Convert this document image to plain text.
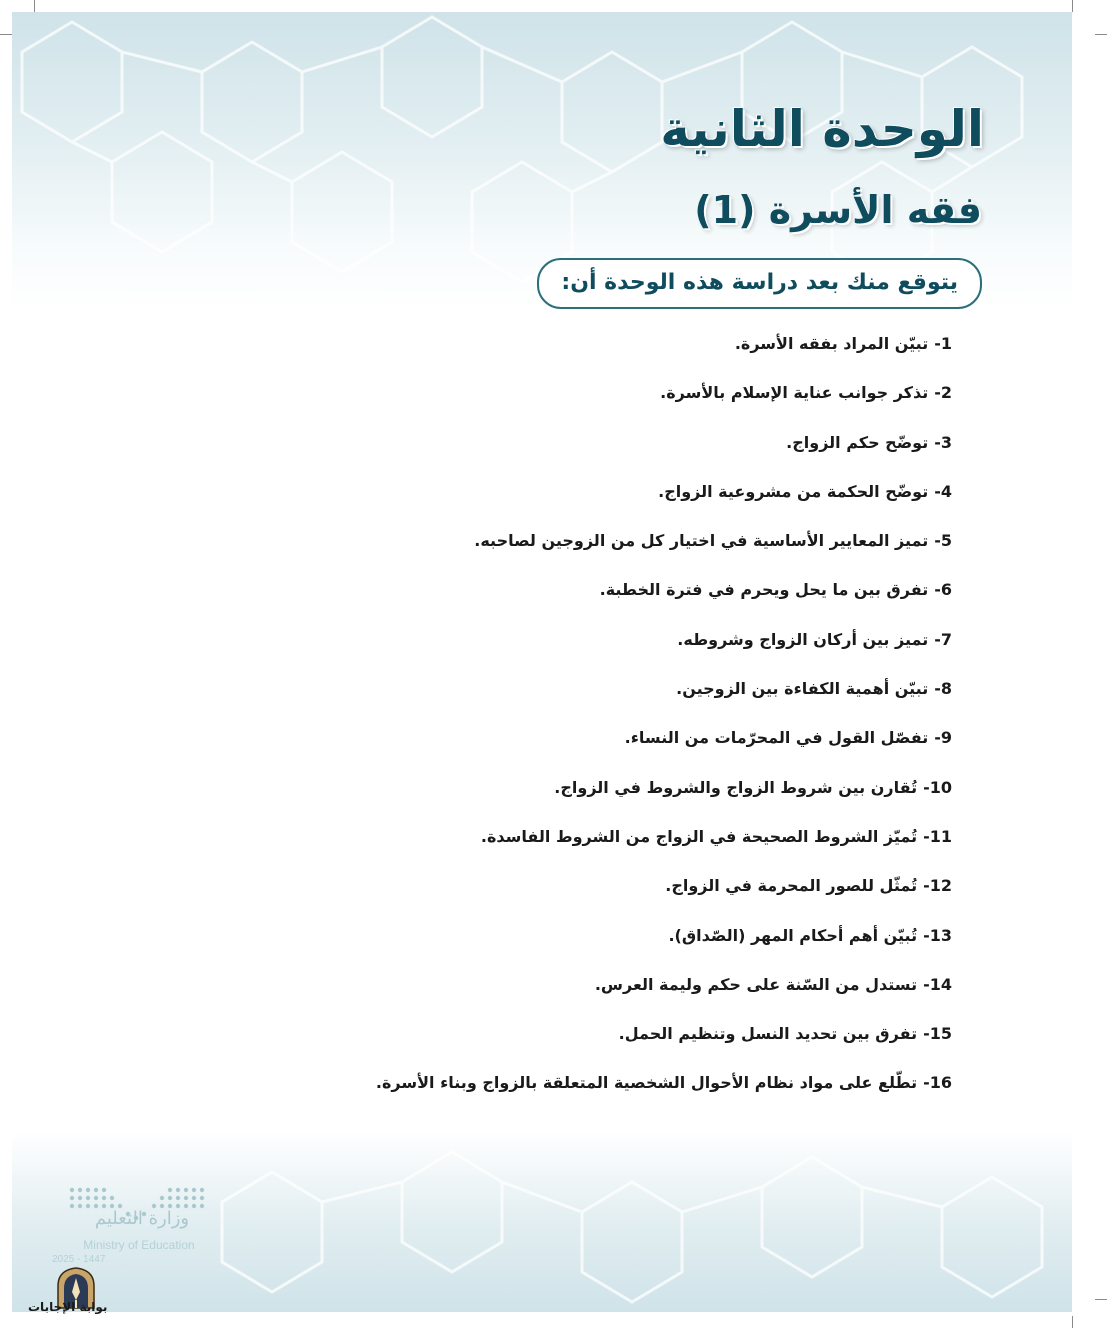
الوحدة الثانية
فقه الأسرة (1)
يتوقع منك بعد دراسة هذه الوحدة أن:
1-
تبيّن المراد بفقه الأسرة.
2-
تذكر جوانب عناية الإسلام بالأسرة.
3-
توضّح حكم الزواج.
4-
توضّح الحكمة من مشروعية الزواج.
5-
تميز المعايير الأساسية في اختيار كل من الزوجين لصاحبه.
6-
تفرق بين ما يحل ويحرم في فترة الخطبة.
7-
تميز بين أركان الزواج وشروطه.
8-
تبيّن أهمية الكفاءة بين الزوجين.
9-
تفصّل القول في المحرّمات من النساء.
10-
تُقارن بين شروط الزواج والشروط في الزواج.
11-
تُميّز الشروط الصحيحة في الزواج من الشروط الفاسدة.
12-
تُمثّل للصور المحرمة في الزواج.
13-
تُبيّن أهم أحكام المهر (الصّداق).
14-
تستدل من السّنة على حكم وليمة العرس.
15-
تفرق بين تحديد النسل وتنظيم الحمل.
16-
تطّلع على مواد نظام الأحوال الشخصية المتعلقة بالزواج وبناء الأسرة.
وزارة التعليم
Ministry of Education
2025 - 1447
بوابة الإجابات
